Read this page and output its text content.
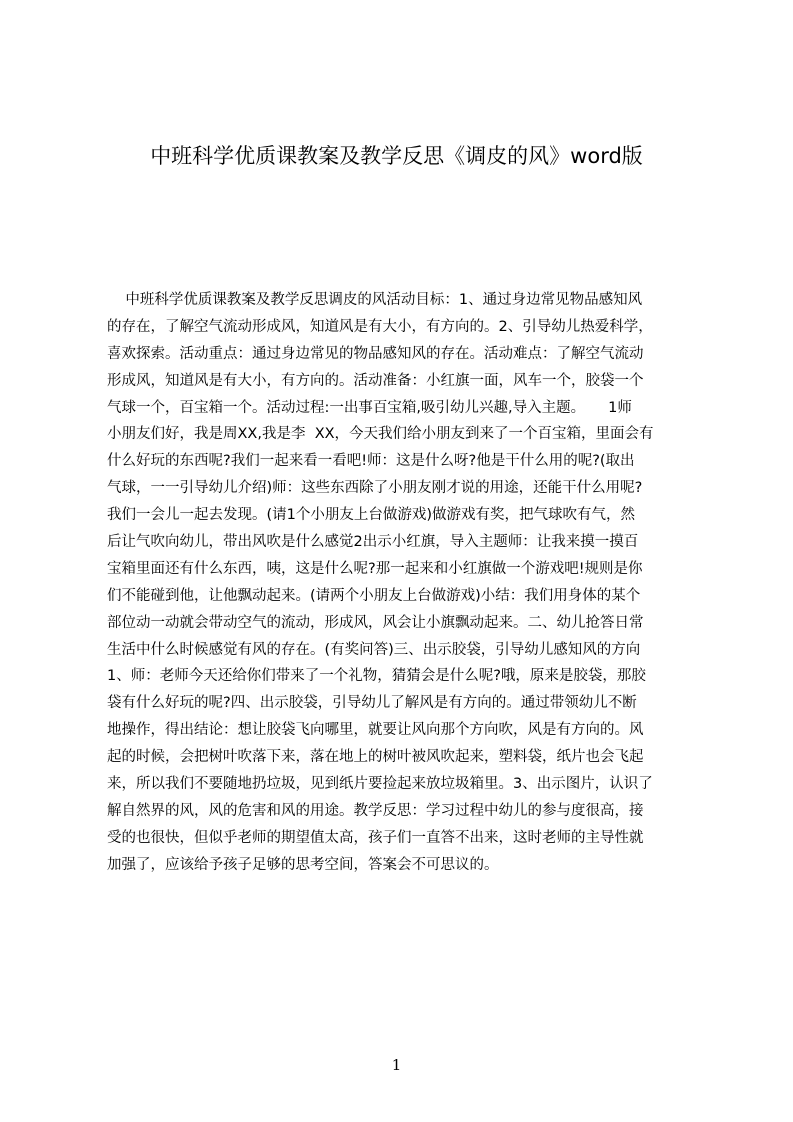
中班科学优质课教案及教学反思《调皮的风》word版
中班科学优质课教案及教学反思调皮的风活动目标：1、通过身边常见物品感知风
的存在，了解空气流动形成风，知道风是有大小，有方向的。2、引导幼儿热爱科学，
喜欢探索。活动重点：通过身边常见的物品感知风的存在。活动难点：了解空气流动
形成风，知道风是有大小，有方向的。活动准备：小红旗一面，风车一个，胶袋一个
气球一个，百宝箱一个。活动过程:一出事百宝箱,吸引幼儿兴趣,导入主题。     1师
小朋友们好，我是周XX,我是李  XX，今天我们给小朋友到来了一个百宝箱，里面会有
什么好玩的东西呢?我们一起来看一看吧!师：这是什么呀?他是干什么用的呢?(取出
气球，一一引导幼儿介绍)师：这些东西除了小朋友刚才说的用途，还能干什么用呢?
我们一会儿一起去发现。(请1个小朋友上台做游戏)做游戏有奖，把气球吹有气，然
后让气吹向幼儿，带出风吹是什么感觉2出示小红旗，导入主题师：让我来摸一摸百
宝箱里面还有什么东西，咦，这是什么呢?那一起来和小红旗做一个游戏吧!规则是你
们不能碰到他，让他飘动起来。(请两个小朋友上台做游戏)小结：我们用身体的某个
部位动一动就会带动空气的流动，形成风，风会让小旗飘动起来。二、幼儿抢答日常
生活中什么时候感觉有风的存在。(有奖问答)三、出示胶袋，引导幼儿感知风的方向
1、师：老师今天还给你们带来了一个礼物，猜猜会是什么呢?哦，原来是胶袋，那胶
袋有什么好玩的呢?四、出示胶袋，引导幼儿了解风是有方向的。通过带领幼儿不断
地操作，得出结论：想让胶袋飞向哪里，就要让风向那个方向吹，风是有方向的。风
起的时候，会把树叶吹落下来，落在地上的树叶被风吹起来，塑料袋，纸片也会飞起
来，所以我们不要随地扔垃圾，见到纸片要捡起来放垃圾箱里。3、出示图片，认识了
解自然界的风，风的危害和风的用途。教学反思：学习过程中幼儿的参与度很高，接
受的也很快，但似乎老师的期望值太高，孩子们一直答不出来，这时老师的主导性就
加强了，应该给予孩子足够的思考空间，答案会不可思议的。
1
